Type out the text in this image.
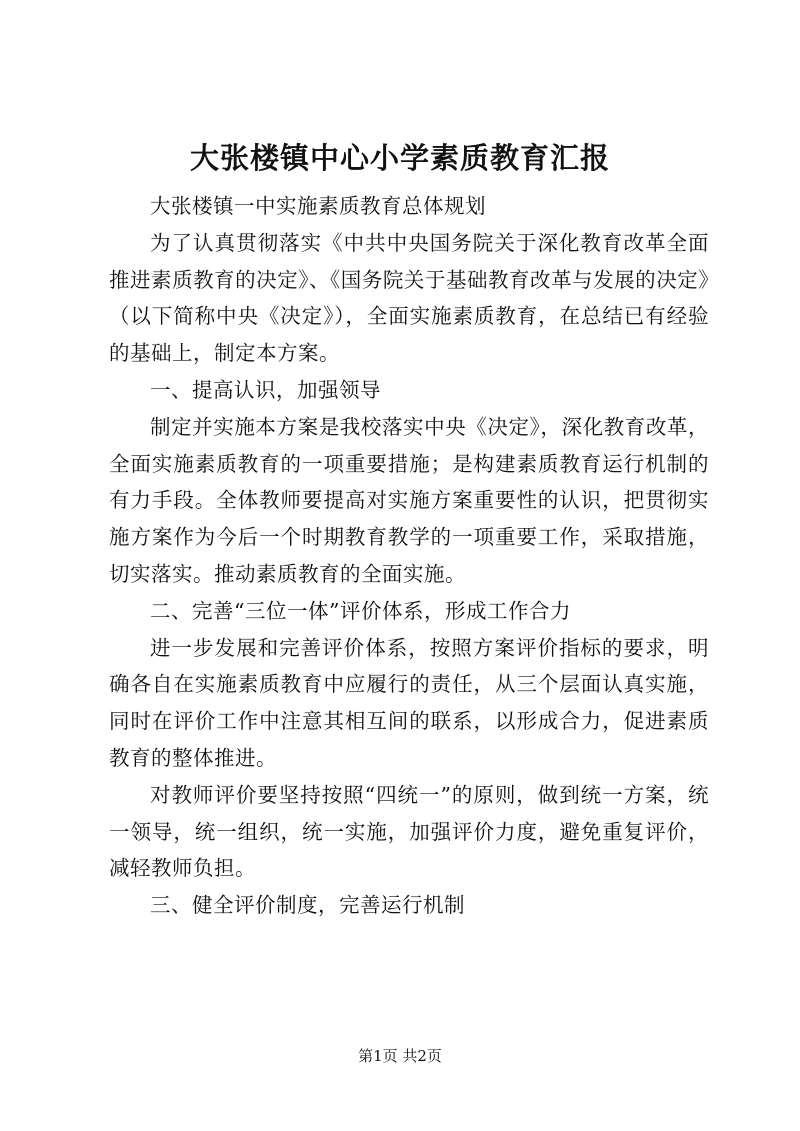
大张楼镇中心小学素质教育汇报

大张楼镇一中实施素质教育总体规划

为了认真贯彻落实《中共中央国务院关于深化教育改革全面推进素质教育的决定》、《国务院关于基础教育改革与发展的决定》（以下简称中央《决定》），全面实施素质教育，在总结已有经验的基础上，制定本方案。

一、提高认识，加强领导

制定并实施本方案是我校落实中央《决定》，深化教育改革，全面实施素质教育的一项重要措施；是构建素质教育运行机制的有力手段。全体教师要提高对实施方案重要性的认识，把贯彻实施方案作为今后一个时期教育教学的一项重要工作，采取措施，切实落实。推动素质教育的全面实施。

二、完善“三位一体”评价体系，形成工作合力

进一步发展和完善评价体系，按照方案评价指标的要求，明确各自在实施素质教育中应履行的责任，从三个层面认真实施，同时在评价工作中注意其相互间的联系，以形成合力，促进素质教育的整体推进。

对教师评价要坚持按照“四统一”的原则，做到统一方案，统一领导，统一组织，统一实施，加强评价力度，避免重复评价，减轻教师负担。

三、健全评价制度，完善运行机制

第1页 共2页
